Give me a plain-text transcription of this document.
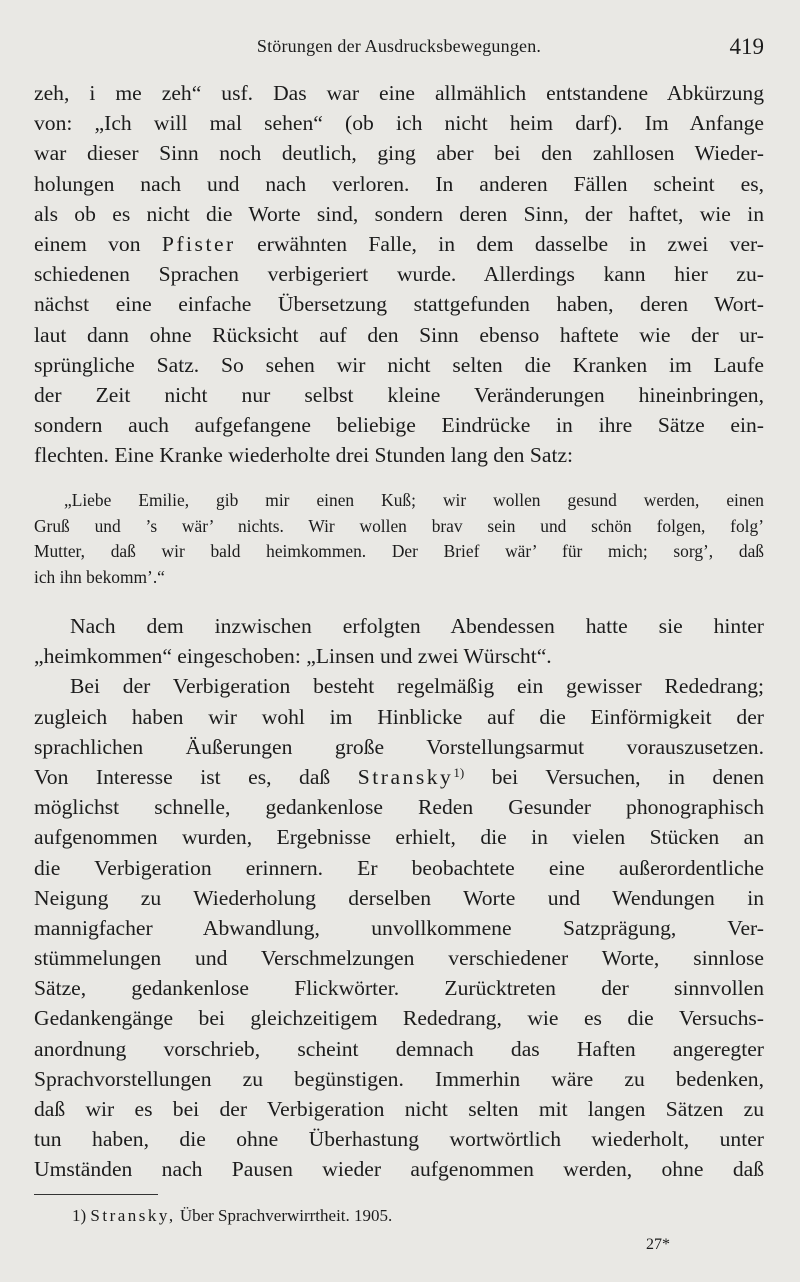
Störungen der Ausdrucksbewegungen.	419
zeh, i me zeh“ usf. Das war eine allmählich entstandene Abkürzung
von: „Ich will mal sehen“ (ob ich nicht heim darf). Im Anfange
war dieser Sinn noch deutlich, ging aber bei den zahllosen Wieder-
holungen nach und nach verloren. In anderen Fällen scheint es,
als ob es nicht die Worte sind, sondern deren Sinn, der haftet, wie in
einem von Pfister erwähnten Falle, in dem dasselbe in zwei ver-
schiedenen Sprachen verbigeriert wurde. Allerdings kann hier zu-
nächst eine einfache Übersetzung stattgefunden haben, deren Wort-
laut dann ohne Rücksicht auf den Sinn ebenso haftete wie der ur-
sprüngliche Satz. So sehen wir nicht selten die Kranken im Laufe
der Zeit nicht nur selbst kleine Veränderungen hineinbringen,
sondern auch aufgefangene beliebige Eindrücke in ihre Sätze ein-
flechten. Eine Kranke wiederholte drei Stunden lang den Satz:
„Liebe Emilie, gib mir einen Kuß; wir wollen gesund werden, einen
Gruß und ’s wär’ nichts. Wir wollen brav sein und schön folgen, folg’
Mutter, daß wir bald heimkommen. Der Brief wär’ für mich; sorg’, daß
ich ihn bekomm’.“
Nach dem inzwischen erfolgten Abendessen hatte sie hinter
„heimkommen“ eingeschoben: „Linsen und zwei Würscht“.
Bei der Verbigeration besteht regelmäßig ein gewisser Rededrang;
zugleich haben wir wohl im Hinblicke auf die Einförmigkeit der
sprachlichen Äußerungen große Vorstellungsarmut vorauszusetzen.
Von Interesse ist es, daß Stransky$^{1)}$ bei Versuchen, in denen
möglichst schnelle, gedankenlose Reden Gesunder phonographisch
aufgenommen wurden, Ergebnisse erhielt, die in vielen Stücken an
die Verbigeration erinnern. Er beobachtete eine außerordentliche
Neigung zu Wiederholung derselben Worte und Wendungen in
mannigfacher Abwandlung, unvollkommene Satzprägung, Ver-
stümmelungen und Verschmelzungen verschiedener Worte, sinnlose
Sätze, gedankenlose Flickwörter. Zurücktreten der sinnvollen
Gedankengänge bei gleichzeitigem Rededrang, wie es die Versuchs-
anordnung vorschrieb, scheint demnach das Haften angeregter
Sprachvorstellungen zu begünstigen. Immerhin wäre zu bedenken,
daß wir es bei der Verbigeration nicht selten mit langen Sätzen zu
tun haben, die ohne Überhastung wortwörtlich wiederholt, unter
Umständen nach Pausen wieder aufgenommen werden, ohne daß
1) Stransky, Über Sprachverwirrtheit. 1905.
27*
